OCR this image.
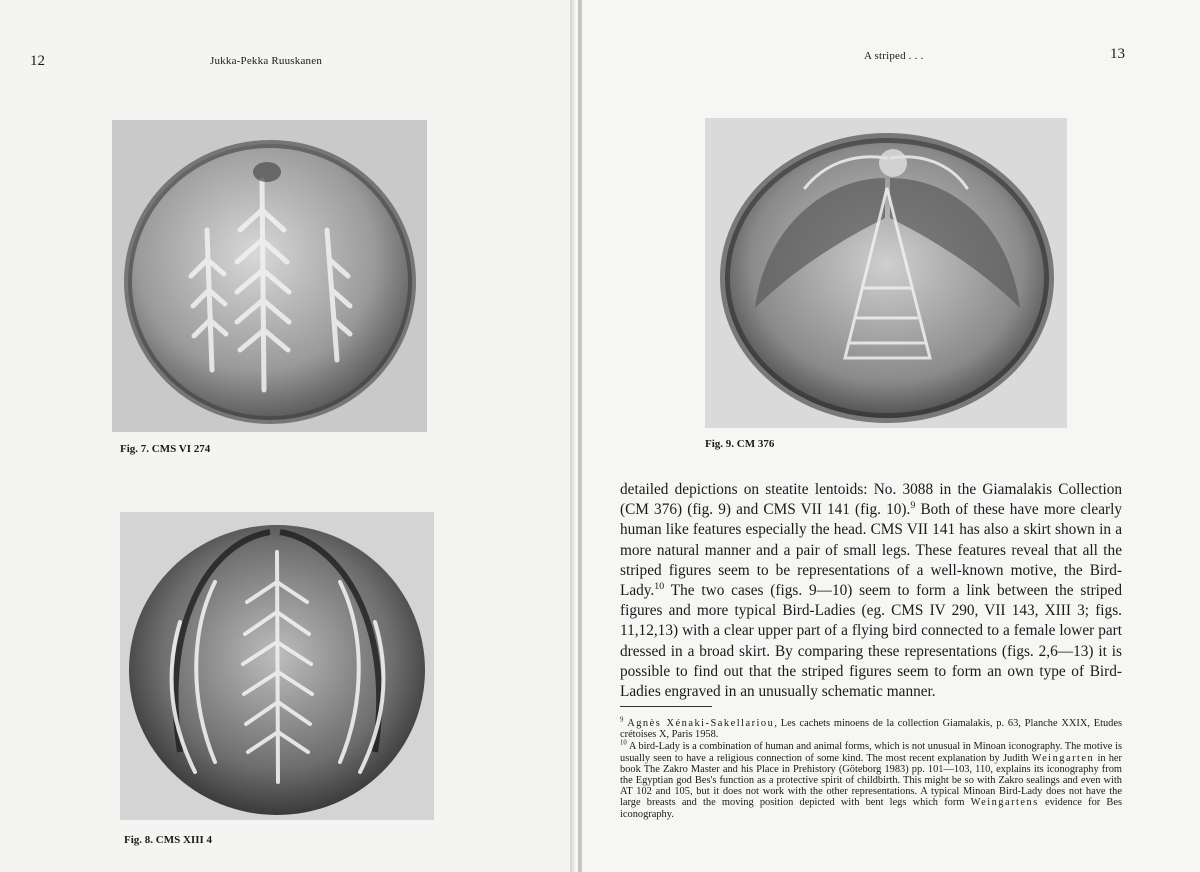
12	Jukka-Pekka Ruuskanen
Fig. 7. CMS VI 274
Fig. 8. CMS XIII 4
A striped . . .	13
Fig. 9. CM 376

detailed depictions on steatite lentoids: No. 3088 in the Giamalakis Collection (CM 376) (fig. 9) and CMS VII 141 (fig. 10).$^9$ Both of these have more clearly human like features especially the head. CMS VII 141 has also a skirt shown in a more natural manner and a pair of small legs. These features reveal that all the striped figures seem to be representations of a well-known motive, the Bird-Lady.$^{10}$ The two cases (figs. 9—10) seem to form a link between the striped figures and more typical Bird-Ladies (eg. CMS IV 290, VII 143, XIII 3; figs. 11,12,13) with a clear upper part of a flying bird connected to a female lower part dressed in a broad skirt. By comparing these representations (figs. 2,6—13) it is possible to find out that the striped figures seem to form an own type of Bird-Ladies engraved in an unusually schematic manner.

$^9$ Agnès Xénaki-Sakellariou, Les cachets minoens de la collection Giamalakis, p. 63, Planche XXIX, Etudes crétoises X, Paris 1958.

$^{10}$ A bird-Lady is a combination of human and animal forms, which is not unusual in Minoan iconography. The motive is usually seen to have a religious connection of some kind. The most recent explanation by Judith Weingarten in her book The Zakro Master and his Place in Prehistory (Göteborg 1983) pp. 101—103, 110, explains its iconography from the Egyptian god Bes's function as a protective spirit of childbirth. This might be so with Zakro sealings and even with AT 102 and 105, but it does not work with the other representations. A typical Minoan Bird-Lady does not have the large breasts and the moving position depicted with bent legs which form Weingartens evidence for Bes iconography.
